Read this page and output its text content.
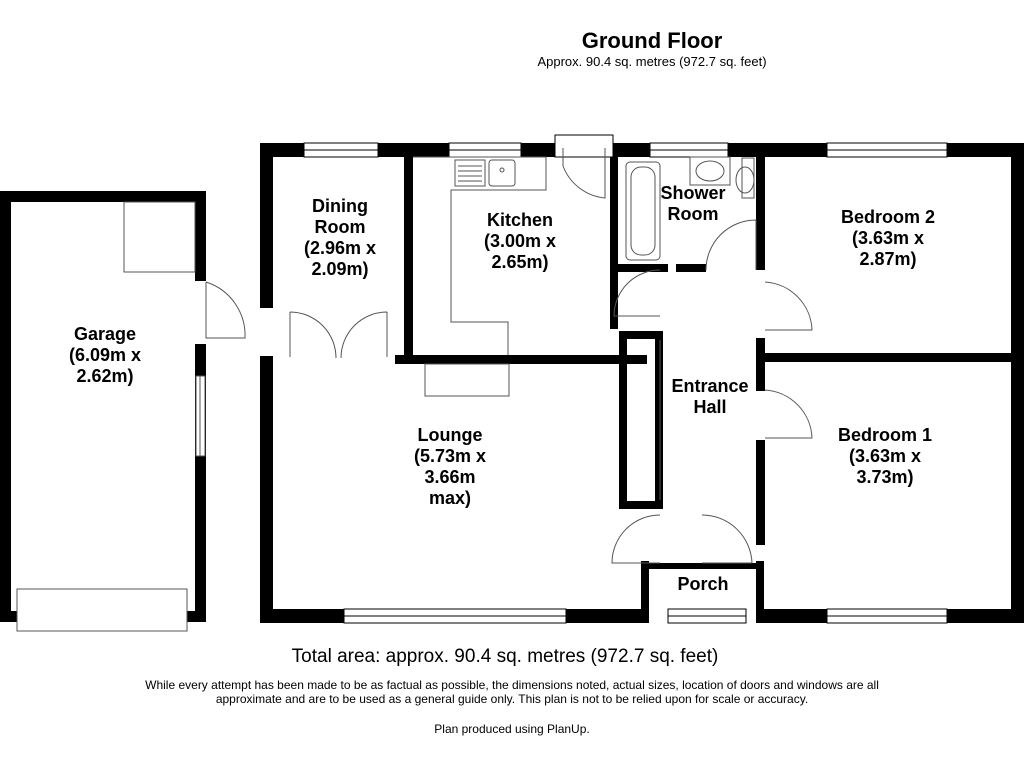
Ground Floor
Approx. 90.4 sq. metres (972.7 sq. feet)
Garage
(6.09m x
2.62m)
Dining
Room
(2.96m x
2.09m)
Kitchen
(3.00m x
2.65m)
Shower
Room	Bedroom 2
(3.63m x
2.87m)
Lounge
(5.73m x
3.66m
max)
Entrance
Hall
Bedroom 1
(3.63m x
3.73m)
Porch
Total area: approx. 90.4 sq. metres (972.7 sq. feet)
While every attempt has been made to be as factual as possible, the dimensions noted, actual sizes, location of doors and windows are all approximate and are to be used as a general guide only. This plan is not to be relied upon for scale or accuracy.
Plan produced using PlanUp.
